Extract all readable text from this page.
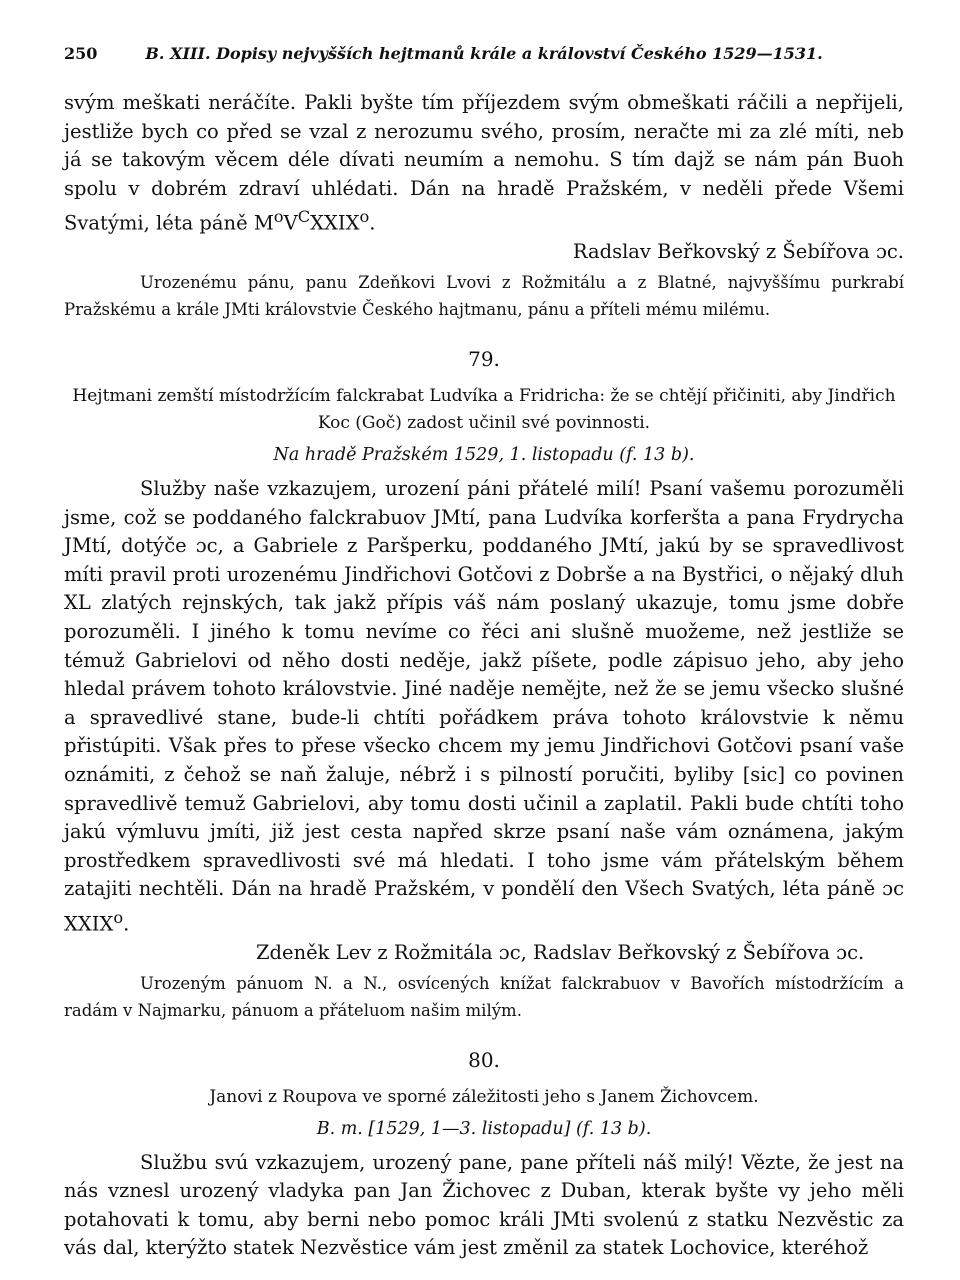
250	B. XIII. Dopisy nejvyšších hejtmanů krále a království Českého 1529—1531.

svým meškati neráčíte. Pakli byšte tím příjezdem svým obmeškati ráčili a nepřijeli, jestliže bych co před se vzal z nerozumu svého, prosím, neračte mi za zlé míti, neb já se takovým věcem déle dívati neumím a nemohu. S tím dajž se nám pán Buoh spolu v dobrém zdraví uhlédati. Dán na hradě Pražském, v neděli přede Všemi Svatými, léta páně $M^oV^CXXIX^o$.

Radslav Beřkovský z Šebířova ɔc.

Urozenému pánu, panu Zdeňkovi Lvovi z Rožmitálu a z Blatné, najvyššímu purkrabí Pražskému a krále JMti královstvie Českého hajtmanu, pánu a příteli mému milému.

79.

Hejtmani zemští místodržícím falckrabat Ludvíka a Fridricha: že se chtějí přičiniti, aby Jindřich Koc (Goč) zadost učinil své povinnosti.

Na hradě Pražském 1529, 1. listopadu (f. 13 b).

Služby naše vzkazujem, urození páni přátelé milí! Psaní vašemu porozuměli jsme, což se poddaného falckrabuov JMtí, pana Ludvíka korferšta a pana Frydrycha JMtí, dotýče ɔc, a Gabriele z Paršperku, poddaného JMtí, jakú by se spravedlivost míti pravil proti urozenému Jindřichovi Gotčovi z Dobrše a na Bystřici, o nějaký dluh XL zlatých rejnských, tak jakž přípis váš nám poslaný ukazuje, tomu jsme dobře porozuměli. I jiného k tomu nevíme co řéci ani slušně muožeme, než jestliže se témuž Gabrielovi od něho dosti neděje, jakž píšete, podle zápisuo jeho, aby jeho hledal právem tohoto královstvie. Jiné naděje nemějte, než že se jemu všecko slušné a spravedlivé stane, bude-li chtíti pořádkem práva tohoto královstvie k němu přistúpiti. Však přes to přese všecko chcem my jemu Jindřichovi Gotčovi psaní vaše oznámiti, z čehož se naň žaluje, nébrž i s pilností poručiti, byliby [sic] co povinen spravedlivě temuž Gabrielovi, aby tomu dosti učinil a zaplatil. Pakli bude chtíti toho jakú výmluvu jmíti, již jest cesta napřed skrze psaní naše vám oznámena, jakým prostředkem spravedlivosti své má hledati. I toho jsme vám přátelským během zatajiti nechtěli. Dán na hradě Pražském, v pondělí den Všech Svatých, léta páně ɔc XXIX$^o$.

Zdeněk Lev z Rožmitála ɔc, Radslav Beřkovský z Šebířova ɔc.

Urozeným pánuom N. a N., osvícených knížat falckrabuov v Bavořích místodržícím a radám v Najmarku, pánuom a přáteluom našim milým.

80.

Janovi z Roupova ve sporné záležitosti jeho s Janem Žichovcem.

B. m. [1529, 1—3. listopadu] (f. 13 b).

Službu svú vzkazujem, urozený pane, pane příteli náš milý! Vězte, že jest na nás vznesl urozený vladyka pan Jan Žichovec z Duban, kterak byšte vy jeho měli potahovati k tomu, aby berni nebo pomoc králi JMti svolenú z statku Nezvěstic za vás dal, kterýžto statek Nezvěstice vám jest změnil za statek Lochovice, kteréhož
